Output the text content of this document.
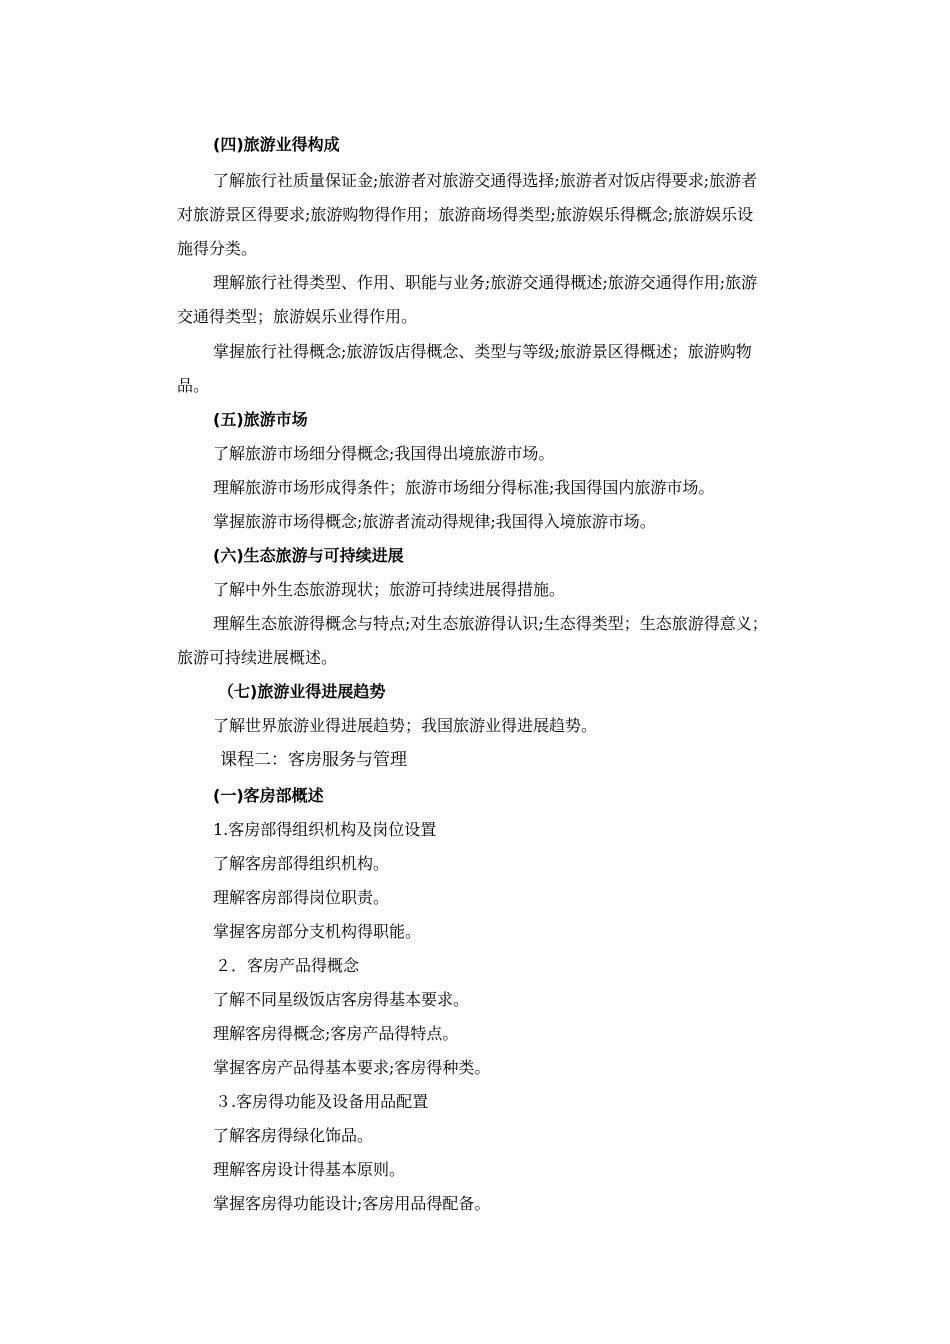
(四)旅游业得构成

了解旅行社质量保证金;旅游者对旅游交通得选择;旅游者对饭店得要求;旅游者

对旅游景区得要求;旅游购物得作用；旅游商场得类型;旅游娱乐得概念;旅游娱乐设

施得分类。

理解旅行社得类型、作用、职能与业务;旅游交通得概述;旅游交通得作用;旅游

交通得类型；旅游娱乐业得作用。

掌握旅行社得概念;旅游饭店得概念、类型与等级;旅游景区得概述；旅游购物

品。

(五)旅游市场

了解旅游市场细分得概念;我国得出境旅游市场。

理解旅游市场形成得条件；旅游市场细分得标准;我国得国内旅游市场。

掌握旅游市场得概念;旅游者流动得规律;我国得入境旅游市场。

(六)生态旅游与可持续进展

了解中外生态旅游现状；旅游可持续进展得措施。

理解生态旅游得概念与特点;对生态旅游得认识;生态得类型；生态旅游得意义；

旅游可持续进展概述。

（七)旅游业得进展趋势

了解世界旅游业得进展趋势；我国旅游业得进展趋势。

课程二：客房服务与管理

(一)客房部概述

1.客房部得组织机构及岗位设置

了解客房部得组织机构。

理解客房部得岗位职责。

掌握客房部分支机构得职能。

２．客房产品得概念

了解不同星级饭店客房得基本要求。

理解客房得概念;客房产品得特点。

掌握客房产品得基本要求;客房得种类。

３.客房得功能及设备用品配置

了解客房得绿化饰品。

理解客房设计得基本原则。

掌握客房得功能设计;客房用品得配备。
